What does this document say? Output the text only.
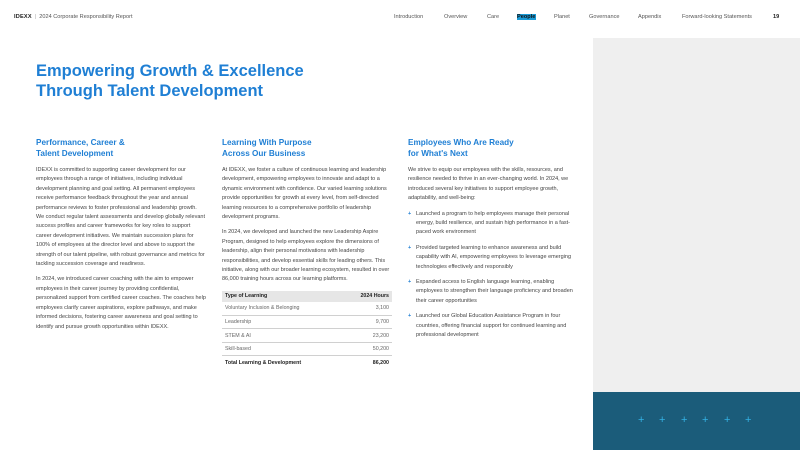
IDEXX | 2024 Corporate Responsibility Report	Introduction	Overview	Care	People	Planet	Governance	Appendix	Forward-looking Statements	19
+ + + + + +
Empowering Growth & Excellence
Through Talent Development
Performance, Career &
Talent Development

IDEXX is committed to supporting career development for our employees through a range of initiatives, including individual development planning and goal setting. All permanent employees receive performance feedback throughout the year and annual performance reviews to foster professional and leadership growth. We conduct regular talent assessments and develop globally relevant success profiles and career frameworks for key roles to support career development initiatives. We maintain succession plans for 100% of employees at the director level and above to support the strength of our talent pipeline, with robust governance and metrics for tackling succession coverage and readiness.

In 2024, we introduced career coaching with the aim to empower employees in their career journey by providing confidential, personalized support from certified career coaches. The coaches help employees clarify career aspirations, explore pathways, and make informed decisions, fostering career awareness and goal setting to identify and pursue growth opportunities within IDEXX.

Learning With Purpose
Across Our Business

At IDEXX, we foster a culture of continuous learning and leadership development, empowering employees to innovate and adapt to a dynamic environment with confidence. Our varied learning solutions provide opportunities for growth at every level, from self-directed learning resources to a comprehensive portfolio of leadership development programs.

In 2024, we developed and launched the new Leadership Aspire Program, designed to help employees explore the dimensions of leadership, align their personal motivations with leadership responsibilities, and develop essential skills for leading others. This initiative, along with our broader learning ecosystem, resulted in over 86,000 training hours across our learning platforms.

Type of Learning	2024 Hours
Voluntary Inclusion & Belonging	3,100
Leadership	9,700
STEM & AI	23,200
Skill-based	50,200
Total Learning & Development	86,200
Employees Who Are Ready
for What's Next

We strive to equip our employees with the skills, resources, and resilience needed to thrive in an ever-changing world. In 2024, we introduced several key initiatives to support employee growth, adaptability, and well-being:

+ Launched a program to help employees manage their personal energy, build resilience, and sustain high performance in a fast-paced work environment
+ Provided targeted learning to enhance awareness and build capability with AI, empowering employees to leverage emerging technologies effectively and responsibly
+ Expanded access to English language learning, enabling employees to strengthen their language proficiency and broaden their career opportunities
+ Launched our Global Education Assistance Program in four countries, offering financial support for continued learning and professional development
